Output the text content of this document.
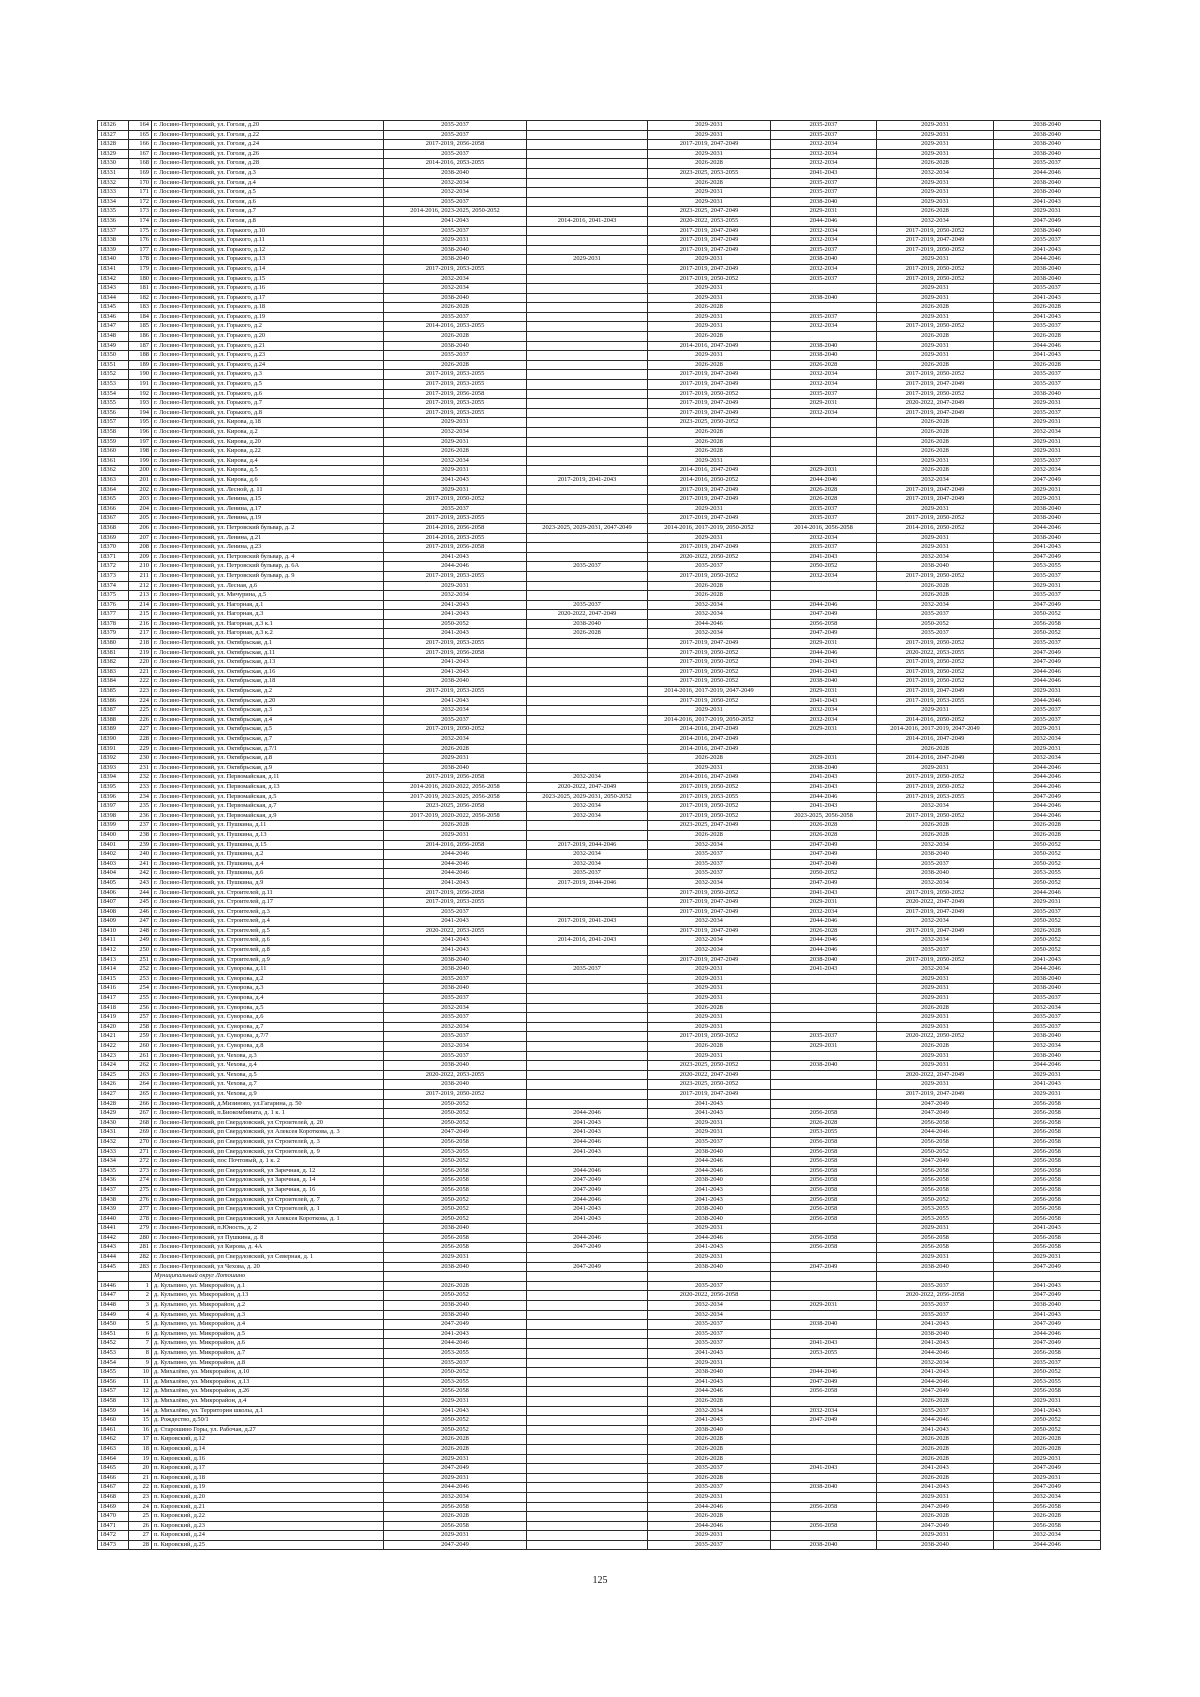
18326	164	г. Лосино-Петровский, ул. Гоголя, д.20	2035-2037		2029-2031	2035-2037	2029-2031	2038-2040
18327	165	г. Лосино-Петровский, ул. Гоголя, д.22	2035-2037		2029-2031	2035-2037	2029-2031	2038-2040
18328	166	г. Лосино-Петровский, ул. Гоголя, д.24	2017-2019, 2056-2058		2017-2019, 2047-2049	2032-2034	2029-2031	2038-2040
18329	167	г. Лосино-Петровский, ул. Гоголя, д.26	2035-2037		2029-2031	2032-2034	2029-2031	2038-2040
18330	168	г. Лосино-Петровский, ул. Гоголя, д.28	2014-2016, 2053-2055		2026-2028	2032-2034	2026-2028	2035-2037
18331	169	г. Лосино-Петровский, ул. Гоголя, д.3	2038-2040		2023-2025, 2053-2055	2041-2043	2032-2034	2044-2046
18332	170	г. Лосино-Петровский, ул. Гоголя, д.4	2032-2034		2026-2028	2035-2037	2029-2031	2038-2040
18333	171	г. Лосино-Петровский, ул. Гоголя, д.5	2032-2034		2029-2031	2035-2037	2029-2031	2038-2040
18334	172	г. Лосино-Петровский, ул. Гоголя, д.6	2035-2037		2029-2031	2038-2040	2029-2031	2041-2043
18335	173	г. Лосино-Петровский, ул. Гоголя, д.7	2014-2016, 2023-2025, 2050-2052		2023-2025, 2047-2049	2029-2031	2026-2028	2029-2031
18336	174	г. Лосино-Петровский, ул. Гоголя, д.8	2041-2043	2014-2016, 2041-2043	2020-2022, 2053-2055	2044-2046	2032-2034	2047-2049
18337	175	г. Лосино-Петровский, ул. Горького, д.10	2035-2037		2017-2019, 2047-2049	2032-2034	2017-2019, 2050-2052	2038-2040
18338	176	г. Лосино-Петровский, ул. Горького, д.11	2029-2031		2017-2019, 2047-2049	2032-2034	2017-2019, 2047-2049	2035-2037
18339	177	г. Лосино-Петровский, ул. Горького, д.12	2038-2040		2017-2019, 2047-2049	2035-2037	2017-2019, 2050-2052	2041-2043
18340	178	г. Лосино-Петровский, ул. Горького, д.13	2038-2040	2029-2031	2029-2031	2038-2040	2029-2031	2044-2046
18341	179	г. Лосино-Петровский, ул. Горького, д.14	2017-2019, 2053-2055		2017-2019, 2047-2049	2032-2034	2017-2019, 2050-2052	2038-2040
18342	180	г. Лосино-Петровский, ул. Горького, д.15	2032-2034		2017-2019, 2050-2052	2035-2037	2017-2019, 2050-2052	2038-2040
18343	181	г. Лосино-Петровский, ул. Горького, д.16	2032-2034		2029-2031		2029-2031	2035-2037
18344	182	г. Лосино-Петровский, ул. Горького, д.17	2038-2040		2029-2031	2038-2040	2029-2031	2041-2043
18345	183	г. Лосино-Петровский, ул. Горького, д.18	2026-2028		2026-2028		2026-2028	2026-2028
18346	184	г. Лосино-Петровский, ул. Горького, д.19	2035-2037		2029-2031	2035-2037	2029-2031	2041-2043
18347	185	г. Лосино-Петровский, ул. Горького, д.2	2014-2016, 2053-2055		2029-2031	2032-2034	2017-2019, 2050-2052	2035-2037
18348	186	г. Лосино-Петровский, ул. Горького, д.20	2026-2028		2026-2028		2026-2028	2026-2028
18349	187	г. Лосино-Петровский, ул. Горького, д.21	2038-2040		2014-2016, 2047-2049	2038-2040	2029-2031	2044-2046
18350	188	г. Лосино-Петровский, ул. Горького, д.23	2035-2037		2029-2031	2038-2040	2029-2031	2041-2043
18351	189	г. Лосино-Петровский, ул. Горького, д.24	2026-2028		2026-2028	2026-2028	2026-2028	2026-2028
18352	190	г. Лосино-Петровский, ул. Горького, д.3	2017-2019, 2053-2055		2017-2019, 2047-2049	2032-2034	2017-2019, 2050-2052	2035-2037
18353	191	г. Лосино-Петровский, ул. Горького, д.5	2017-2019, 2053-2055		2017-2019, 2047-2049	2032-2034	2017-2019, 2047-2049	2035-2037
18354	192	г. Лосино-Петровский, ул. Горького, д.6	2017-2019, 2056-2058		2017-2019, 2050-2052	2035-2037	2017-2019, 2050-2052	2038-2040
18355	193	г. Лосино-Петровский, ул. Горького, д.7	2017-2019, 2053-2055		2017-2019, 2047-2049	2029-2031	2020-2022, 2047-2049	2029-2031
18356	194	г. Лосино-Петровский, ул. Горького, д.8	2017-2019, 2053-2055		2017-2019, 2047-2049	2032-2034	2017-2019, 2047-2049	2035-2037
18357	195	г. Лосино-Петровский, ул. Кирова, д.18	2029-2031		2023-2025, 2050-2052		2026-2028	2029-2031
18358	196	г. Лосино-Петровский, ул. Кирова, д.2	2032-2034		2026-2028		2026-2028	2032-2034
18359	197	г. Лосино-Петровский, ул. Кирова, д.20	2029-2031		2026-2028		2026-2028	2029-2031
18360	198	г. Лосино-Петровский, ул. Кирова, д.22	2026-2028		2026-2028		2026-2028	2029-2031
18361	199	г. Лосино-Петровский, ул. Кирова, д.4	2032-2034		2029-2031		2029-2031	2035-2037
18362	200	г. Лосино-Петровский, ул. Кирова, д.5	2029-2031		2014-2016, 2047-2049	2029-2031	2026-2028	2032-2034
18363	201	г. Лосино-Петровский, ул. Кирова, д.6	2041-2043	2017-2019, 2041-2043	2014-2016, 2050-2052	2044-2046	2032-2034	2047-2049
18364	202	г. Лосино-Петровский, ул. Лесной, д. 11	2029-2031		2017-2019, 2047-2049	2026-2028	2017-2019, 2047-2049	2029-2031
18365	203	г. Лосино-Петровский, ул. Ленина, д.15	2017-2019, 2050-2052		2017-2019, 2047-2049	2026-2028	2017-2019, 2047-2049	2029-2031
18366	204	г. Лосино-Петровский, ул. Ленина, д.17	2035-2037		2029-2031	2035-2037	2029-2031	2038-2040
18367	205	г. Лосино-Петровский, ул. Ленина, д.19	2017-2019, 2053-2055		2017-2019, 2047-2049	2035-2037	2017-2019, 2050-2052	2038-2040
18368	206	г. Лосино-Петровский, ул. Петровский бульвар, д. 2	2014-2016, 2056-2058	2023-2025, 2029-2031, 2047-2049	2014-2016, 2017-2019, 2050-2052	2014-2016, 2056-2058	2014-2016, 2050-2052	2044-2046
18369	207	г. Лосино-Петровский, ул. Ленина, д.21	2014-2016, 2053-2055		2029-2031	2032-2034	2029-2031	2038-2040
18370	208	г. Лосино-Петровский, ул. Ленина, д.23	2017-2019, 2056-2058		2017-2019, 2047-2049	2035-2037	2029-2031	2041-2043
18371	209	г. Лосино-Петровский, ул. Петровский бульвар, д. 4	2041-2043		2020-2022, 2050-2052	2041-2043	2032-2034	2047-2049
18372	210	г. Лосино-Петровский, ул. Петровский бульвар, д. 6А	2044-2046	2035-2037	2035-2037	2050-2052	2038-2040	2053-2055
18373	211	г. Лосино-Петровский, ул. Петровский бульвар, д. 9	2017-2019, 2053-2055		2017-2019, 2050-2052	2032-2034	2017-2019, 2050-2052	2035-2037
18374	212	г. Лосино-Петровский, ул. Лесная, д.6	2029-2031		2026-2028		2026-2028	2029-2031
18375	213	г. Лосино-Петровский, ул. Мичурина, д.5	2032-2034		2026-2028		2026-2028	2035-2037
18376	214	г. Лосино-Петровский, ул. Нагорная, д.1	2041-2043	2035-2037	2032-2034	2044-2046	2032-2034	2047-2049
18377	215	г. Лосино-Петровский, ул. Нагорная, д.3	2041-2043	2020-2022, 2047-2049	2032-2034	2047-2049	2035-2037	2050-2052
18378	216	г. Лосино-Петровский, ул. Нагорная, д.3 к.1	2050-2052	2038-2040	2044-2046	2056-2058	2050-2052	2056-2058
18379	217	г. Лосино-Петровский, ул. Нагорная, д.3 к.2	2041-2043	2026-2028	2032-2034	2047-2049	2035-2037	2050-2052
18380	218	г. Лосино-Петровский, ул. Октябрьская, д.1	2017-2019, 2053-2055		2017-2019, 2047-2049	2029-2031	2017-2019, 2050-2052	2035-2037
18381	219	г. Лосино-Петровский, ул. Октябрьская, д.11	2017-2019, 2056-2058		2017-2019, 2050-2052	2044-2046	2020-2022, 2053-2055	2047-2049
18382	220	г. Лосино-Петровский, ул. Октябрьская, д.13	2041-2043		2017-2019, 2050-2052	2041-2043	2017-2019, 2050-2052	2047-2049
18383	221	г. Лосино-Петровский, ул. Октябрьская, д.16	2041-2043		2017-2019, 2050-2052	2041-2043	2017-2019, 2050-2052	2044-2046
18384	222	г. Лосино-Петровский, ул. Октябрьская, д.18	2038-2040		2017-2019, 2050-2052	2038-2040	2017-2019, 2050-2052	2044-2046
18385	223	г. Лосино-Петровский, ул. Октябрьская, д.2	2017-2019, 2053-2055		2014-2016, 2017-2019, 2047-2049	2029-2031	2017-2019, 2047-2049	2029-2031
18386	224	г. Лосино-Петровский, ул. Октябрьская, д.20	2041-2043		2017-2019, 2050-2052	2041-2043	2017-2019, 2053-2055	2044-2046
18387	225	г. Лосино-Петровский, ул. Октябрьская, д.3	2032-2034		2029-2031	2032-2034	2029-2031	2035-2037
18388	226	г. Лосино-Петровский, ул. Октябрьская, д.4	2035-2037		2014-2016, 2017-2019, 2050-2052	2032-2034	2014-2016, 2050-2052	2035-2037
18389	227	г. Лосино-Петровский, ул. Октябрьская, д.5	2017-2019, 2050-2052		2014-2016, 2047-2049	2029-2031	2014-2016, 2017-2019, 2047-2049	2029-2031
18390	228	г. Лосино-Петровский, ул. Октябрьская, д.7	2032-2034		2014-2016, 2047-2049		2014-2016, 2047-2049	2032-2034
18391	229	г. Лосино-Петровский, ул. Октябрьская, д.7/1	2026-2028		2014-2016, 2047-2049		2026-2028	2029-2031
18392	230	г. Лосино-Петровский, ул. Октябрьская, д.8	2029-2031		2026-2028	2029-2031	2014-2016, 2047-2049	2032-2034
18393	231	г. Лосино-Петровский, ул. Октябрьская, д.9	2038-2040		2029-2031	2038-2040	2029-2031	2044-2046
18394	232	г. Лосино-Петровский, ул. Первомайская, д.11	2017-2019, 2056-2058	2032-2034	2014-2016, 2047-2049	2041-2043	2017-2019, 2050-2052	2044-2046
18395	233	г. Лосино-Петровский, ул. Первомайская, д.13	2014-2016, 2020-2022, 2056-2058	2020-2022, 2047-2049	2017-2019, 2050-2052	2041-2043	2017-2019, 2050-2052	2044-2046
18396	234	г. Лосино-Петровский, ул. Первомайская, д.5	2017-2019, 2023-2025, 2056-2058	2023-2025, 2029-2031, 2050-2052	2017-2019, 2053-2055	2044-2046	2017-2019, 2053-2055	2047-2049
18397	235	г. Лосино-Петровский, ул. Первомайская, д.7	2023-2025, 2056-2058	2032-2034	2017-2019, 2050-2052	2041-2043	2032-2034	2044-2046
18398	236	г. Лосино-Петровский, ул. Первомайская, д.9	2017-2019, 2020-2022, 2056-2058	2032-2034	2017-2019, 2050-2052	2023-2025, 2056-2058	2017-2019, 2050-2052	2044-2046
18399	237	г. Лосино-Петровский, ул. Пушкина, д.11	2026-2028		2023-2025, 2047-2049	2026-2028	2026-2028	2026-2028
18400	238	г. Лосино-Петровский, ул. Пушкина, д.13	2029-2031		2026-2028	2026-2028	2026-2028	2026-2028
18401	239	г. Лосино-Петровский, ул. Пушкина, д.15	2014-2016, 2056-2058	2017-2019, 2044-2046	2032-2034	2047-2049	2032-2034	2050-2052
18402	240	г. Лосино-Петровский, ул. Пушкина, д.2	2044-2046	2032-2034	2035-2037	2047-2049	2038-2040	2050-2052
18403	241	г. Лосино-Петровский, ул. Пушкина, д.4	2044-2046	2032-2034	2035-2037	2047-2049	2035-2037	2050-2052
18404	242	г. Лосино-Петровский, ул. Пушкина, д.6	2044-2046	2035-2037	2035-2037	2050-2052	2038-2040	2053-2055
18405	243	г. Лосино-Петровский, ул. Пушкина, д.9	2041-2043	2017-2019, 2044-2046	2032-2034	2047-2049	2032-2034	2050-2052
18406	244	г. Лосино-Петровский, ул. Строителей, д.11	2017-2019, 2056-2058		2017-2019, 2050-2052	2041-2043	2017-2019, 2050-2052	2044-2046
18407	245	г. Лосино-Петровский, ул. Строителей, д.17	2017-2019, 2053-2055		2017-2019, 2047-2049	2029-2031	2020-2022, 2047-2049	2029-2031
18408	246	г. Лосино-Петровский, ул. Строителей, д.3	2035-2037		2017-2019, 2047-2049	2032-2034	2017-2019, 2047-2049	2035-2037
18409	247	г. Лосино-Петровский, ул. Строителей, д.4	2041-2043	2017-2019, 2041-2043	2032-2034	2044-2046	2032-2034	2050-2052
18410	248	г. Лосино-Петровский, ул. Строителей, д.5	2020-2022, 2053-2055		2017-2019, 2047-2049	2026-2028	2017-2019, 2047-2049	2026-2028
18411	249	г. Лосино-Петровский, ул. Строителей, д.6	2041-2043	2014-2016, 2041-2043	2032-2034	2044-2046	2032-2034	2050-2052
18412	250	г. Лосино-Петровский, ул. Строителей, д.8	2041-2043		2032-2034	2044-2046	2035-2037	2050-2052
18413	251	г. Лосино-Петровский, ул. Строителей, д.9	2038-2040		2017-2019, 2047-2049	2038-2040	2017-2019, 2050-2052	2041-2043
18414	252	г. Лосино-Петровский, ул. Суворова, д.11	2038-2040	2035-2037	2029-2031	2041-2043	2032-2034	2044-2046
18415	253	г. Лосино-Петровский, ул. Суворова, д.2	2035-2037		2029-2031		2029-2031	2038-2040
18416	254	г. Лосино-Петровский, ул. Суворова, д.3	2038-2040		2029-2031		2029-2031	2038-2040
18417	255	г. Лосино-Петровский, ул. Суворова, д.4	2035-2037		2029-2031		2029-2031	2035-2037
18418	256	г. Лосино-Петровский, ул. Суворова, д.5	2032-2034		2026-2028		2026-2028	2032-2034
18419	257	г. Лосино-Петровский, ул. Суворова, д.6	2035-2037		2029-2031		2029-2031	2035-2037
18420	258	г. Лосино-Петровский, ул. Суворова, д.7	2032-2034		2029-2031		2029-2031	2035-2037
18421	259	г. Лосино-Петровский, ул. Суворова, д.7/7	2035-2037		2017-2019, 2050-2052	2035-2037	2020-2022, 2050-2052	2038-2040
18422	260	г. Лосино-Петровский, ул. Суворова, д.8	2032-2034		2026-2028	2029-2031	2026-2028	2032-2034
18423	261	г. Лосино-Петровский, ул. Чехова, д.3	2035-2037		2029-2031		2029-2031	2038-2040
18424	262	г. Лосино-Петровский, ул. Чехова, д.4	2038-2040		2023-2025, 2050-2052	2038-2040	2029-2031	2044-2046
18425	263	г. Лосино-Петровский, ул. Чехова, д.5	2020-2022, 2053-2055		2020-2022, 2047-2049		2020-2022, 2047-2049	2029-2031
18426	264	г. Лосино-Петровский, ул. Чехова, д.7	2038-2040		2023-2025, 2050-2052		2029-2031	2041-2043
18427	265	г. Лосино-Петровский, ул. Чехова, д.9	2017-2019, 2050-2052		2017-2019, 2047-2049		2017-2019, 2047-2049	2029-2031
18428	266	г. Лосино-Петровский, д.Мизиново, ул.Гагарина, д. 50	2050-2052		2041-2043		2047-2049	2056-2058
18429	267	г. Лосино-Петровский, п.Биокомбината, д. 1 к. 1	2050-2052	2044-2046	2041-2043	2056-2058	2047-2049	2056-2058
18430	268	г. Лосино-Петровский, рп Свердловский, ул Строителей, д. 20	2050-2052	2041-2043	2029-2031	2026-2028	2056-2058	2056-2058
18431	269	г. Лосино-Петровский, рп Свердловский, ул Алексея Короткова, д. 3	2047-2049	2041-2043	2029-2031	2053-2055	2044-2046	2056-2058
18432	270	г. Лосино-Петровский, рп Свердловский, ул Строителей, д. 3	2056-2058	2044-2046	2035-2037	2056-2058	2056-2058	2056-2058
18433	271	г. Лосино-Петровский, рп Свердловский, ул Строителей, д. 9	2053-2055	2041-2043	2038-2040	2056-2058	2050-2052	2056-2058
18434	272	г. Лосино-Петровский, пос Почтовый, д. 1 к. 2	2050-2052		2044-2046	2056-2058	2047-2049	2056-2058
18435	273	г. Лосино-Петровский, рп Свердловский, ул Заречная, д. 12	2056-2058	2044-2046	2044-2046	2056-2058	2056-2058	2056-2058
18436	274	г. Лосино-Петровский, рп Свердловский, ул Заречная, д. 14	2056-2058	2047-2049	2038-2040	2056-2058	2056-2058	2056-2058
18437	275	г. Лосино-Петровский, рп Свердловский, ул Заречная, д. 16	2056-2058	2047-2049	2041-2043	2056-2058	2056-2058	2056-2058
18438	276	г. Лосино-Петровский, рп Свердловский, ул Строителей, д. 7	2050-2052	2044-2046	2041-2043	2056-2058	2050-2052	2056-2058
18439	277	г. Лосино-Петровский, рп Свердловский, ул Строителей, д. 1	2050-2052	2041-2043	2038-2040	2056-2058	2053-2055	2056-2058
18440	278	г. Лосино-Петровский, рп Свердловский, ул Алексея Короткова, д. 1	2050-2052	2041-2043	2038-2040	2056-2058	2053-2055	2056-2058
18441	279	г. Лосино-Петровский, п.Юность, д. 2	2038-2040		2029-2031		2029-2031	2041-2043
18442	280	г. Лосино-Петровский, ул Пушкина, д. 8	2056-2058	2044-2046	2044-2046	2056-2058	2056-2058	2056-2058
18443	281	г. Лосино-Петровский, ул Кирова, д. 4А	2056-2058	2047-2049	2041-2043	2056-2058	2056-2058	2056-2058
18444	282	г. Лосино-Петровский, рп Свердловский, ул Северная, д. 1	2029-2031		2029-2031		2029-2031	2029-2031
18445	283	г. Лосино-Петровский, ул Чехова, д. 20	2038-2040	2047-2049	2038-2040	2047-2049	2038-2040	2047-2049
		Муниципальный округ Лотошино						
18446	1	д. Кульпино, ул. Микрорайон, д.1	2026-2028		2035-2037		2035-2037	2041-2043
18447	2	д. Кульпино, ул. Микрорайон, д.13	2050-2052		2020-2022, 2056-2058		2020-2022, 2056-2058	2047-2049
18448	3	д. Кульпино, ул. Микрорайон, д.2	2038-2040		2032-2034	2029-2031	2035-2037	2038-2040
18449	4	д. Кульпино, ул. Микрорайон, д.3	2038-2040		2032-2034		2035-2037	2041-2043
18450	5	д. Кульпино, ул. Микрорайон, д.4	2047-2049		2035-2037	2038-2040	2041-2043	2047-2049
18451	6	д. Кульпино, ул. Микрорайон, д.5	2041-2043		2035-2037		2038-2040	2044-2046
18452	7	д. Кульпино, ул. Микрорайон, д.6	2044-2046		2035-2037	2041-2043	2041-2043	2047-2049
18453	8	д. Кульпино, ул. Микрорайон, д.7	2053-2055		2041-2043	2053-2055	2044-2046	2056-2058
18454	9	д. Кульпино, ул. Микрорайон, д.8	2035-2037		2029-2031		2032-2034	2035-2037
18455	10	д. Михалёво, ул. Микрорайон, д.10	2050-2052		2038-2040	2044-2046	2041-2043	2050-2052
18456	11	д. Михалёво, ул. Микрорайон, д.13	2053-2055		2041-2043	2047-2049	2044-2046	2053-2055
18457	12	д. Михалёво, ул. Микрорайон, д.26	2056-2058		2044-2046	2056-2058	2047-2049	2056-2058
18458	13	д. Михалёво, ул. Микрорайон, д.4	2029-2031		2026-2028		2026-2028	2029-2031
18459	14	д. Михалёво, ул. Территория школы, д.1	2041-2043		2032-2034	2032-2034	2035-2037	2041-2043
18460	15	д. Рождество, д.50/1	2050-2052		2041-2043	2047-2049	2044-2046	2050-2052
18461	16	д. Старошино Горы, ул. Рабочая, д.27	2050-2052		2038-2040		2041-2043	2050-2052
18462	17	п. Кировский, д.12	2026-2028		2026-2028		2026-2028	2026-2028
18463	18	п. Кировский, д.14	2026-2028		2026-2028		2026-2028	2026-2028
18464	19	п. Кировский, д.16	2029-2031		2026-2028		2026-2028	2029-2031
18465	20	п. Кировский, д.17	2047-2049		2035-2037	2041-2043	2041-2043	2047-2049
18466	21	п. Кировский, д.18	2029-2031		2026-2028		2026-2028	2029-2031
18467	22	п. Кировский, д.19	2044-2046		2035-2037	2038-2040	2041-2043	2047-2049
18468	23	п. Кировский, д.20	2032-2034		2029-2031		2029-2031	2032-2034
18469	24	п. Кировский, д.21	2056-2058		2044-2046	2056-2058	2047-2049	2056-2058
18470	25	п. Кировский, д.22	2026-2028		2026-2028		2026-2028	2026-2028
18471	26	п. Кировский, д.23	2056-2058		2044-2046	2056-2058	2047-2049	2056-2058
18472	27	п. Кировский, д.24	2029-2031		2029-2031		2029-2031	2032-2034
18473	28	п. Кировский, д.25	2047-2049		2035-2037	2038-2040	2038-2040	2044-2046
125
